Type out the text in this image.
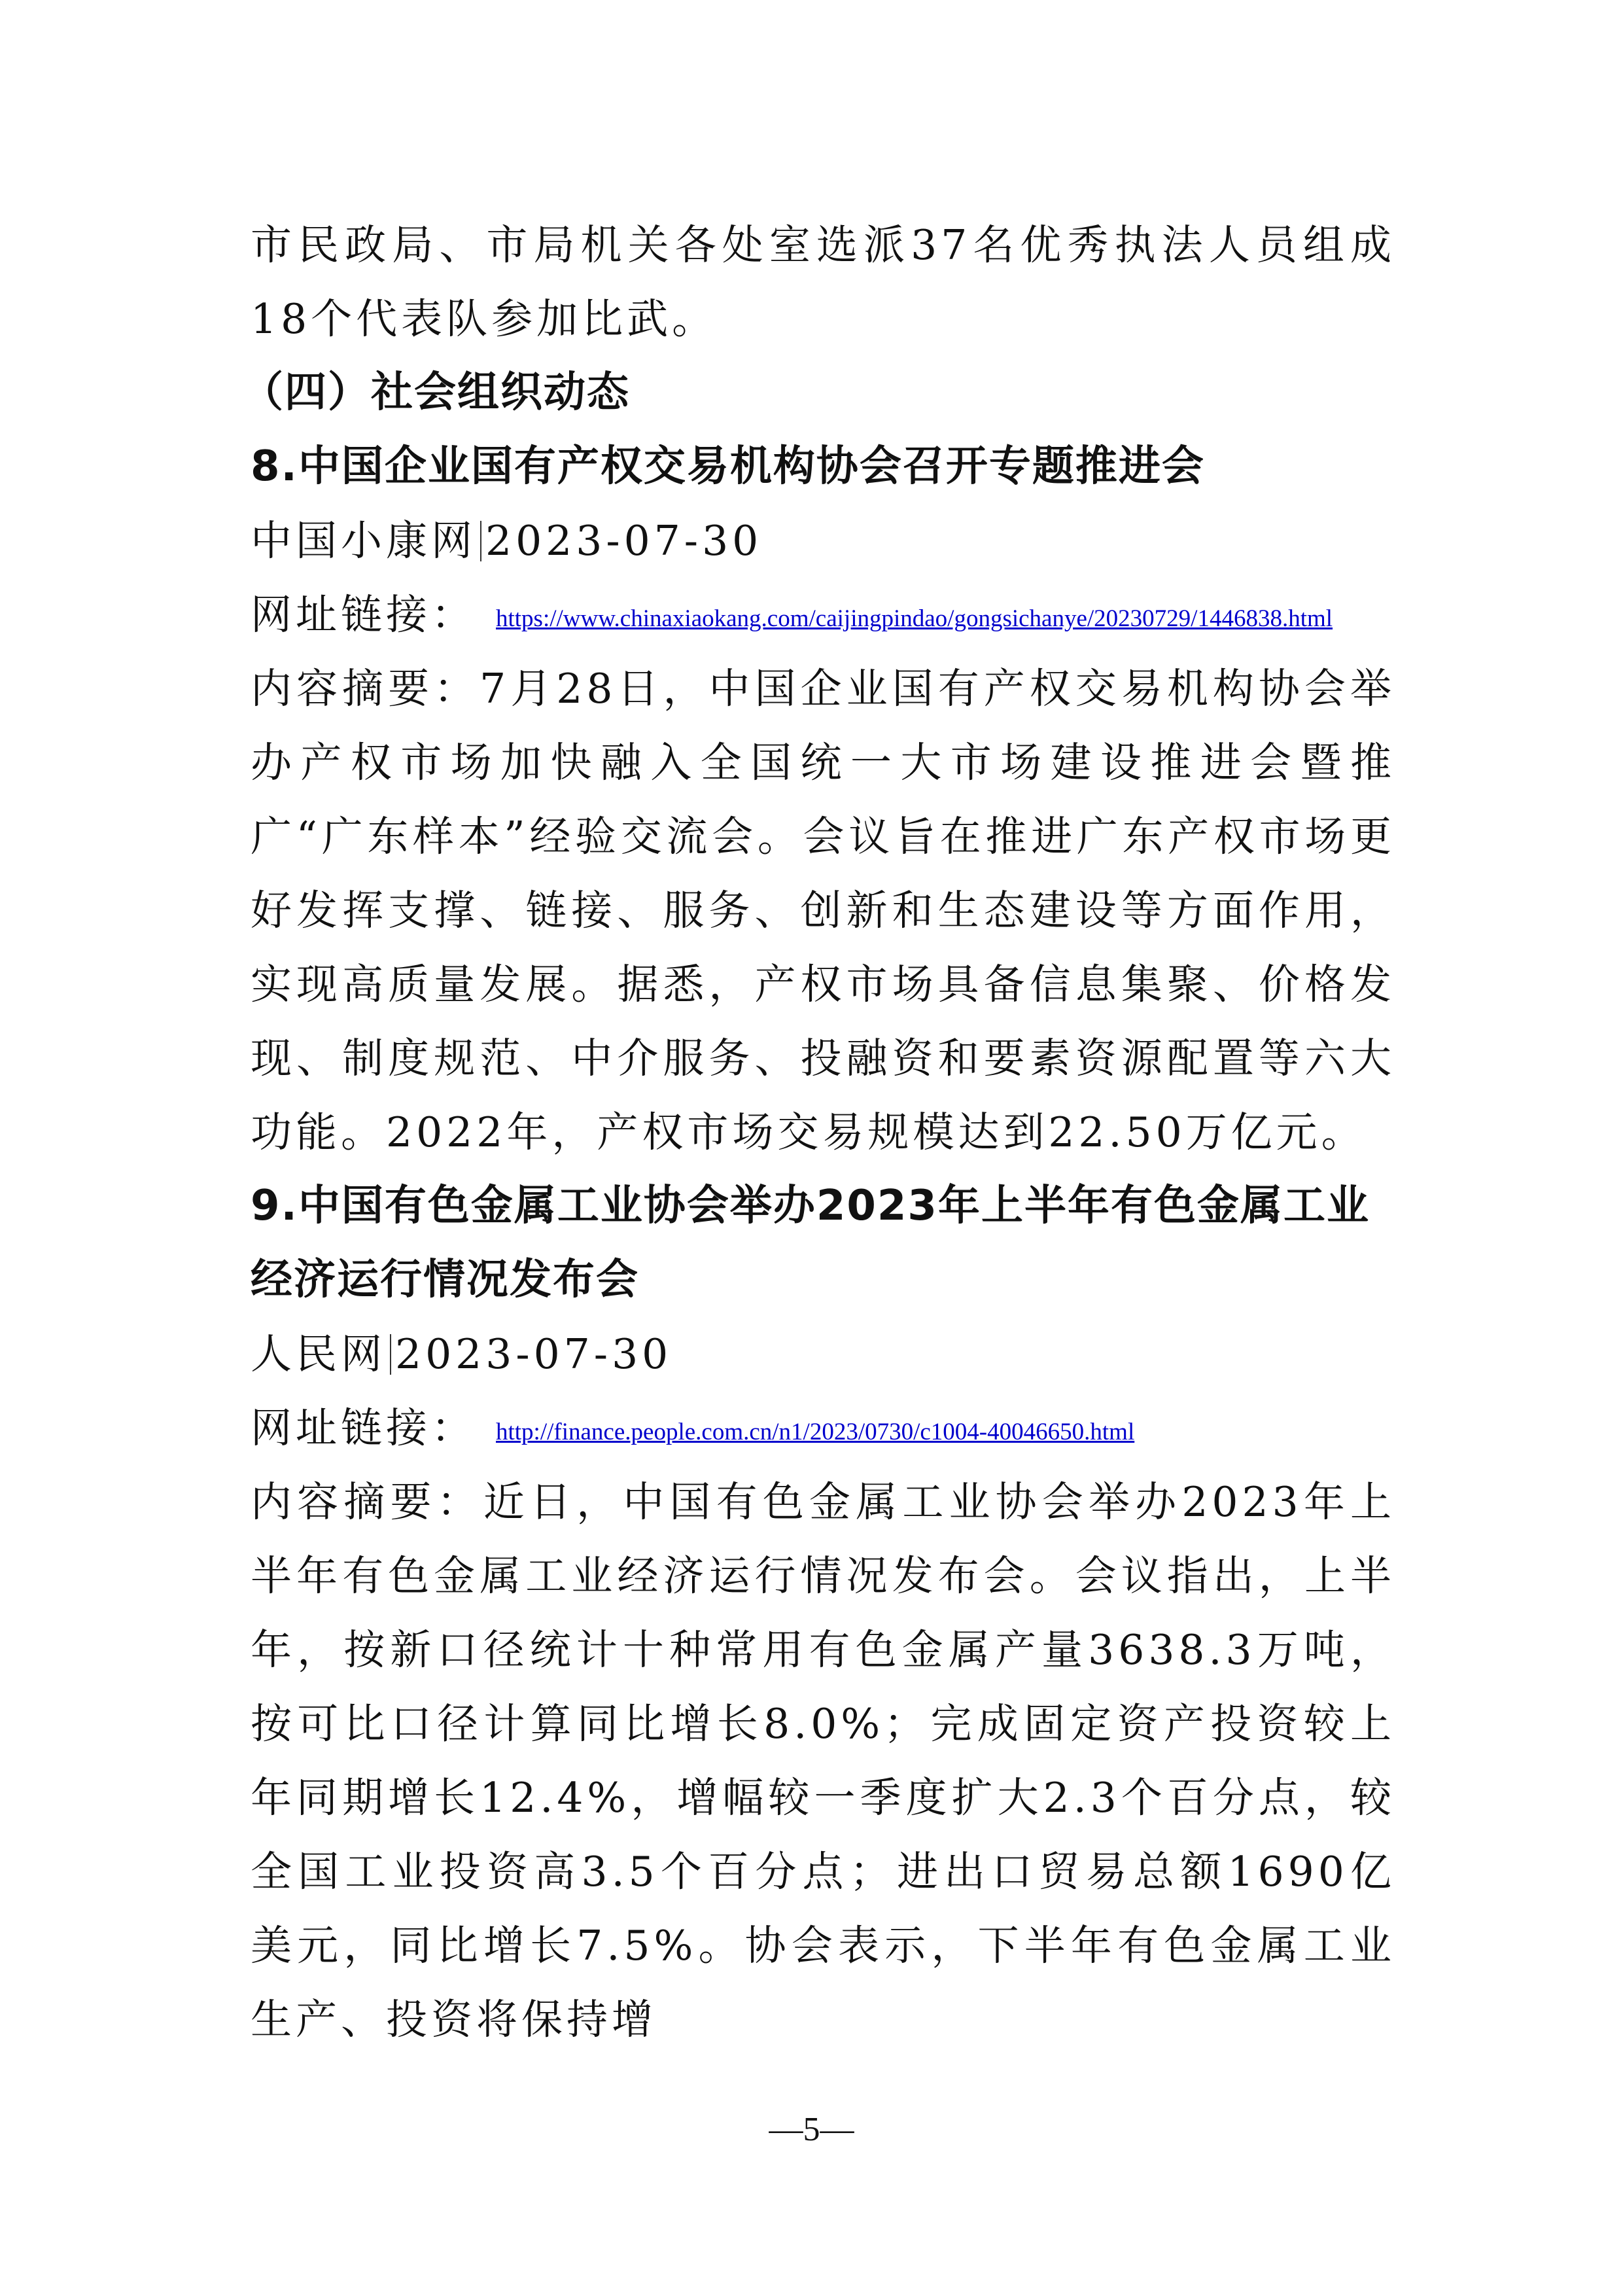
市民政局、市局机关各处室选派37名优秀执法人员组成18个代表队参加比武。
（四）社会组织动态
8.中国企业国有产权交易机构协会召开专题推进会
中国小康网 2023-07-30
网址链接： https://www.chinaxiaokang.com/caijingpindao/gongsichanye/20230729/1446838.html
内容摘要：7月28日，中国企业国有产权交易机构协会举办产权市场加快融入全国统一大市场建设推进会暨推广“广东样本”经验交流会。会议旨在推进广东产权市场更好发挥支撑、链接、服务、创新和生态建设等方面作用，实现高质量发展。据悉，产权市场具备信息集聚、价格发现、制度规范、中介服务、投融资和要素资源配置等六大功能。2022年，产权市场交易规模达到22.50万亿元。
9.中国有色金属工业协会举办2023年上半年有色金属工业经济运行情况发布会
人民网 2023-07-30
网址链接： http://finance.people.com.cn/n1/2023/0730/c1004-40046650.html
内容摘要：近日，中国有色金属工业协会举办2023年上半年有色金属工业经济运行情况发布会。会议指出，上半年，按新口径统计十种常用有色金属产量3638.3万吨，按可比口径计算同比增长8.0%；完成固定资产投资较上年同期增长12.4%，增幅较一季度扩大2.3个百分点，较全国工业投资高3.5个百分点；进出口贸易总额1690亿美元，同比增长7.5%。协会表示，下半年有色金属工业生产、投资将保持增
—5—
